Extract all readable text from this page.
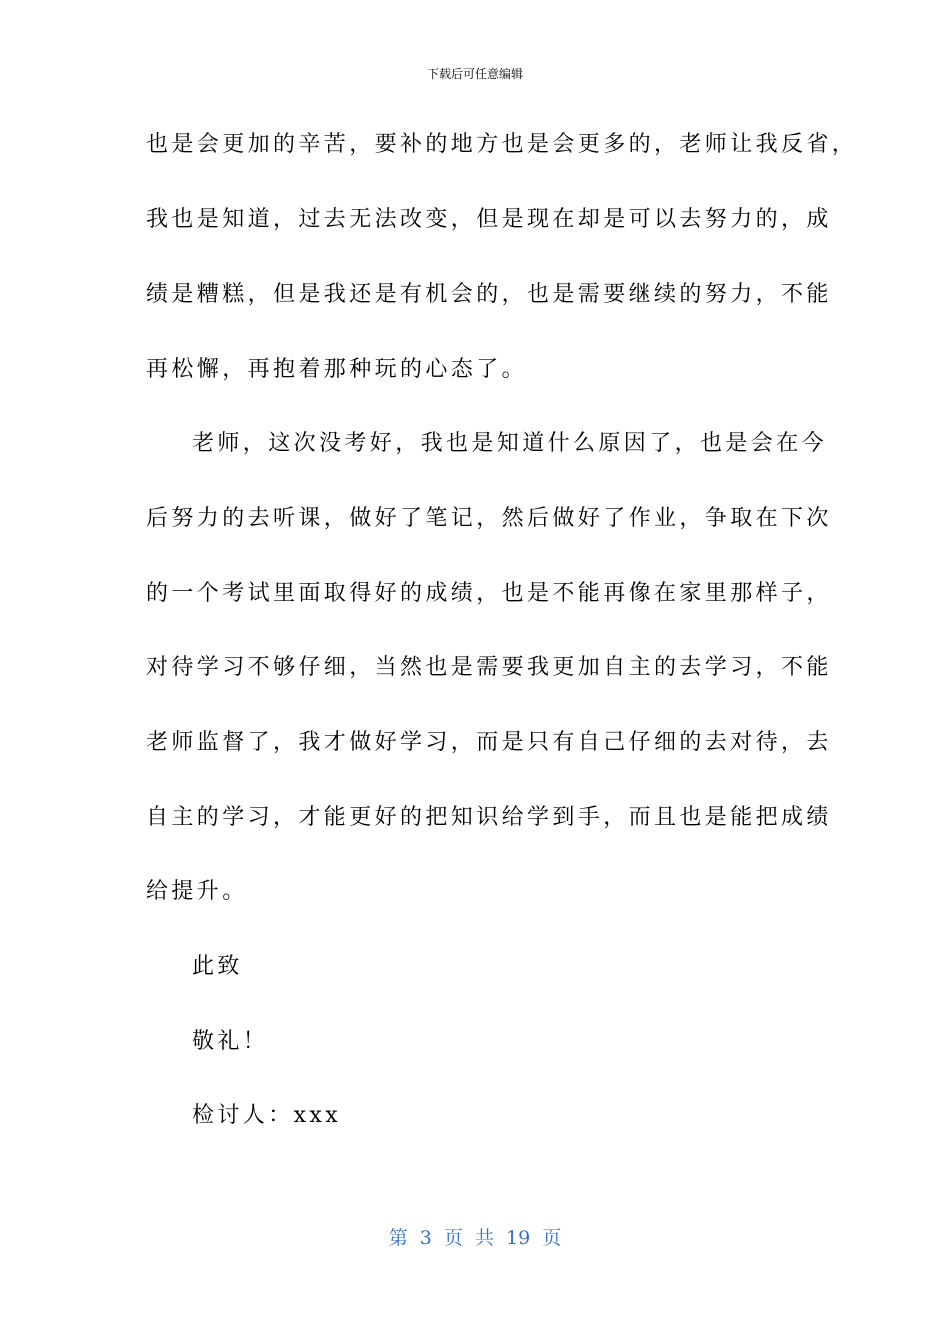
下载后可任意编辑
也是会更加的辛苦，要补的地方也是会更多的，老师让我反省，
我也是知道，过去无法改变，但是现在却是可以去努力的，成
绩是糟糕，但是我还是有机会的，也是需要继续的努力，不能
再松懈，再抱着那种玩的心态了。
老师，这次没考好，我也是知道什么原因了，也是会在今
后努力的去听课，做好了笔记，然后做好了作业，争取在下次
的一个考试里面取得好的成绩，也是不能再像在家里那样子，
对待学习不够仔细，当然也是需要我更加自主的去学习，不能
老师监督了，我才做好学习，而是只有自己仔细的去对待，去
自主的学习，才能更好的把知识给学到手，而且也是能把成绩
给提升。
此致
敬礼！
检讨人：xxx
第 3 页 共 19 页
